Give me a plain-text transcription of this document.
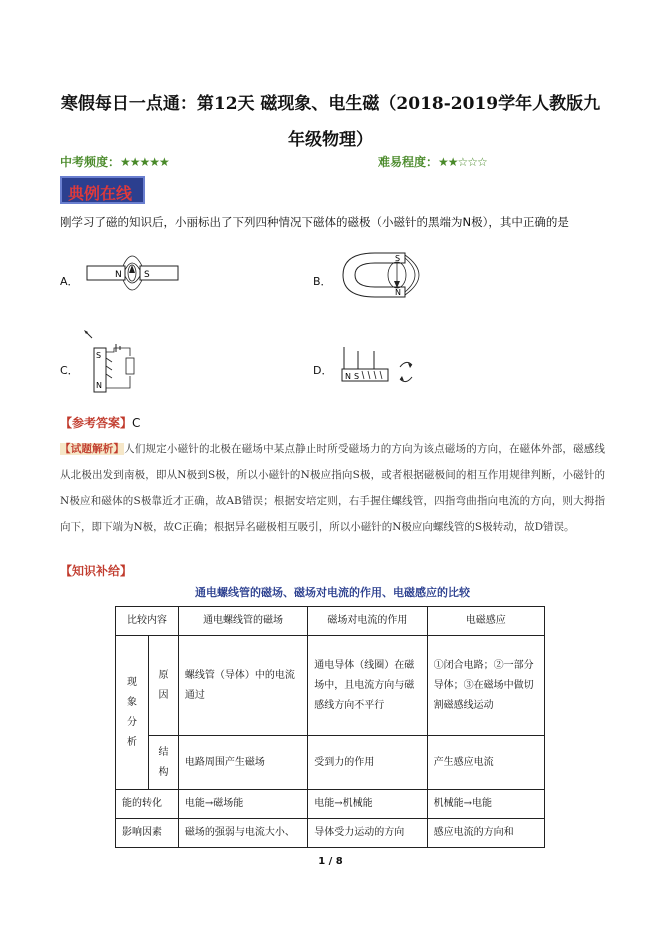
寒假每日一点通：第12天 磁现象、电生磁（2018-2019学年人教版九
年级物理）
中考频度：★★★★★	难易程度：★★☆☆☆
典例在线
刚学习了磁的知识后，小丽标出了下列四种情况下磁体的磁极（小磁针的黑端为N极），其中正确的是
A．	N S	B．
S
N
C．
S
N
D． N S
【参考答案】C
【试题解析】人们规定小磁针的北极在磁场中某点静止时所受磁场力的方向为该点磁场的方向，在磁体外部，磁感线从北极出发到南极，即从N极到S极，所以小磁针的N极应指向S极，或者根据磁极间的相互作用规律判断，小磁针的N极应和磁体的S极靠近才正确，故AB错误；根据安培定则，右手握住螺线管，四指弯曲指向电流的方向，则大拇指向下，即下端为N极，故C正确；根据异名磁极相互吸引，所以小磁针的N极应向螺线管的S极转动，故D错误。
【知识补给】
通电螺线管的磁场、磁场对电流的作用、电磁感应的比较
比较内容		通电螺线管的磁场	磁场对电流的作用	电磁感应
现象分析	原因	螺线管（导体）中的电流通过	通电导体（线圈）在磁场中，且电流方向与磁感线方向不平行	①闭合电路；②一部分导体；③在磁场中做切割磁感线运动
	结构	电路周围产生磁场	受到力的作用	产生感应电流
能的转化		电能→磁场能	电能→机械能	机械能→电能
影响因素		磁场的强弱与电流大小、	导体受力运动的方向	感应电流的方向和
1 / 8
